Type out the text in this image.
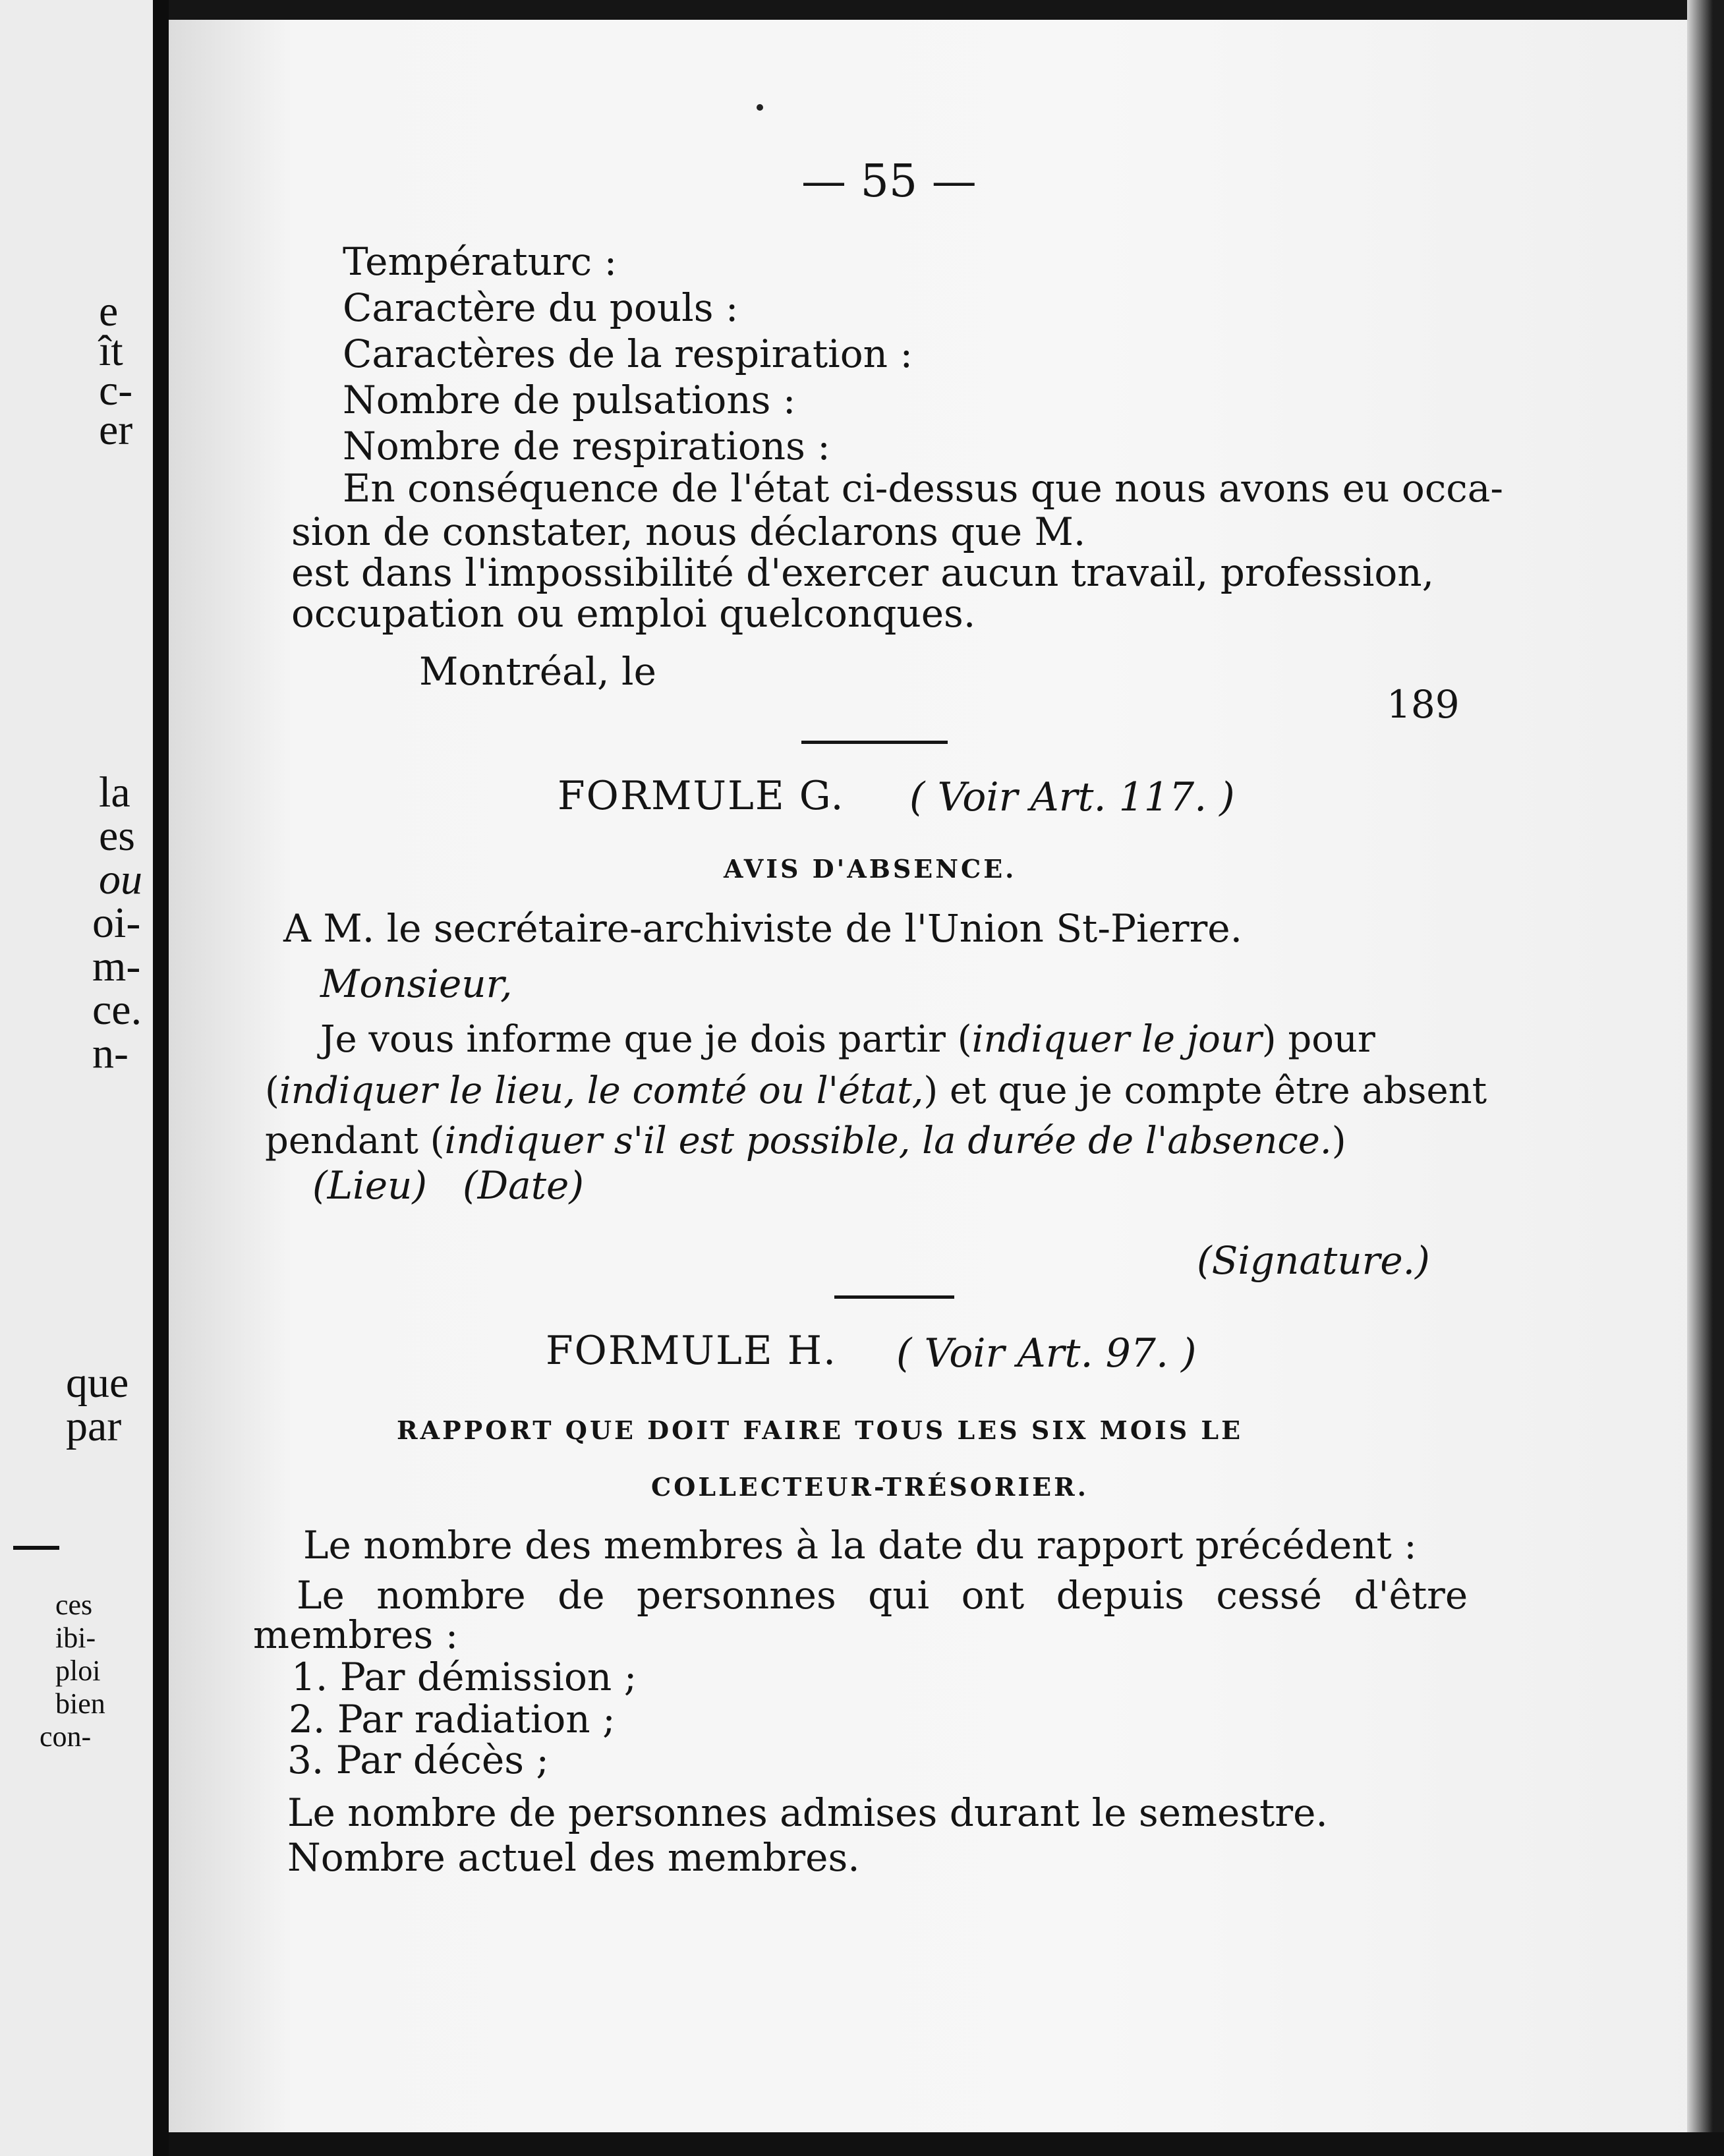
e
ît
c-
er
la
es
ou
oi-
m-
ce.
n-
que
par
ces
ibi-
ploi
bien
con-
— 55 —
Températurc :
Caractère du pouls :
Caractères de la respiration :
Nombre de pulsations :
Nombre de respirations :
En conséquence de l'état ci-dessus que nous avons eu occa-
sion de constater, nous déclarons que M.
est dans l'impossibilité d'exercer aucun travail, profession,
occupation ou emploi quelconques.
Montréal, le
189
FORMULE G. ( Voir Art. 117. )
AVIS D'ABSENCE.
A M. le secrétaire-archiviste de l'Union St-Pierre.
Monsieur,
Je vous informe que je dois partir (indiquer le jour) pour
(indiquer le lieu, le comté ou l'état,) et que je compte être absent
pendant (indiquer s'il est possible, la durée de l'absence.)
(Lieu) (Date)
(Signature.)
FORMULE H. ( Voir Art. 97. )
RAPPORT QUE DOIT FAIRE TOUS LES SIX MOIS LE
COLLECTEUR-TRÉSORIER.
Le nombre des membres à la date du rapport précédent :
Le nombre de personnes qui ont depuis cessé d'être
membres :
1. Par démission ;
2. Par radiation ;
3. Par décès ;
Le nombre de personnes admises durant le semestre.
Nombre actuel des membres.
